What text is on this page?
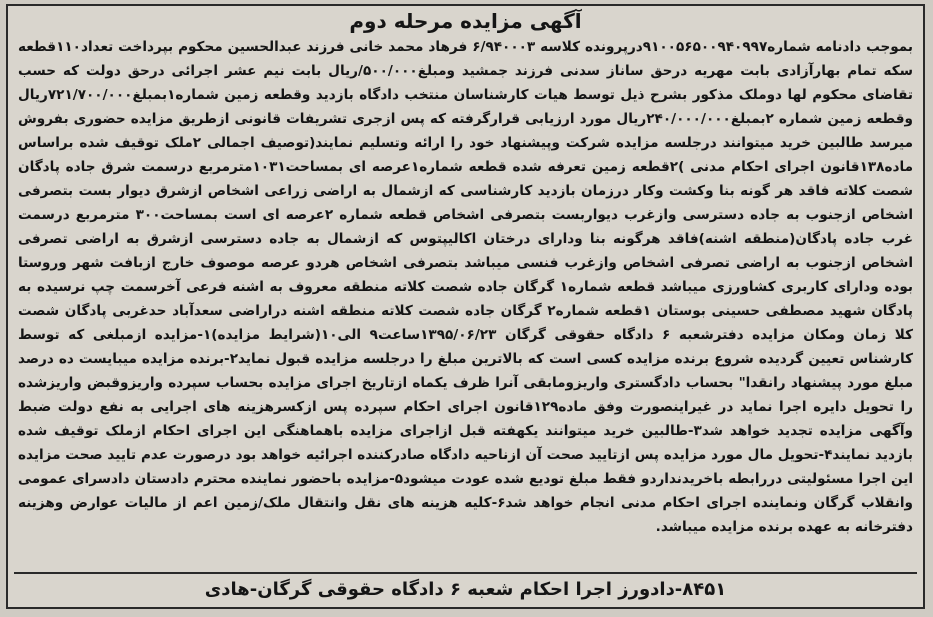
آگهی مزایده مرحله دوم
بموجب دادنامه شماره۹۱۰۰۵۶۵۰۰۹۴۰۹۹۷درپرونده کلاسه ۶/۹۴۰۰۰۳ فرهاد محمد خانی فرزند عبدالحسین محکوم بپرداخت تعداد۱۱۰قطعه سکه تمام بهارآزادی بابت مهریه درحق ساناز سدنی فرزند جمشید ومبلغ۵۰۰/۰۰۰/ریال بابت نیم عشر اجرائی درحق دولت که حسب تقاضای محکوم لها دوملک مذکور بشرح ذیل توسط هیات کارشناسان منتخب دادگاه بازدید وقطعه زمین شماره۱بمبلغ۷۲۱/۷۰۰/۰۰۰ریال وقطعه زمین شماره ۲بمبلغ۲۴۰/۰۰۰/۰۰۰ریال مورد ارزیابی قرارگرفته که پس ازجری تشریفات قانونی ازطریق مزایده حضوری بفروش میرسد طالبین خرید میتوانند درجلسه مزایده شرکت وپیشنهاد خود را ارائه وتسلیم نمایند(توصیف اجمالی ۲ملک توقیف شده براساس ماده۱۳۸قانون اجرای احکام مدنی )۲قطعه زمین تعرفه شده قطعه شماره۱عرصه ای بمساحت۱۰۳۱مترمربع درسمت شرق جاده پادگان شصت کلاته فاقد هر گونه بنا وکشت وکار درزمان بازدید کارشناسی که ازشمال به اراضی زراعی اشخاص ازشرق دیوار بست بتصرفی اشخاص ازجنوب به جاده دسترسی وازغرب دیواربست بتصرفی اشخاص قطعه شماره ۲عرصه ای است بمساحت۳۰۰ مترمربع درسمت غرب جاده پادگان(منطقه اشنه)فاقد هرگونه بنا ودارای درختان اکالیپتوس که ازشمال به جاده دسترسی ازشرق به اراضی تصرفی اشخاص ازجنوب به اراضی تصرفی اشخاص وازغرب فنسی میباشد بتصرفی اشخاص هردو عرصه موصوف خارج ازبافت شهر وروستا بوده ودارای کاربری کشاورزی میباشد قطعه شماره۱ گرگان جاده شصت کلاته منطقه معروف به اشنه فرعی آخرسمت چپ نرسیده به پادگان شهید مصطفی حسینی بوستان ۱قطعه شماره۲ گرگان جاده شصت کلاته منطقه اشنه دراراضی سعدآباد حدغربی پادگان شصت کلا زمان ومکان مزایده دفترشعبه ۶ دادگاه حقوقی گرگان ۱۳۹۵/۰۶/۲۳ساعت۹ الی۱۰(شرایط مزایده)۱-مزایده ازمبلغی که توسط کارشناس تعیین گردیده شروع برنده مزایده کسی است که بالاترین مبلغ را درجلسه مزایده قبول نماید۲-برنده مزایده میبایست ده درصد مبلغ مورد پیشنهاد رانقدا" بحساب دادگستری واریزومابقی آنرا ظرف یکماه ازتاریخ اجرای مزایده بحساب سپرده واریزوقبض واریزشده را تحویل دایره اجرا نماید در غیراینصورت وفق ماده۱۲۹قانون اجرای احکام سپرده پس ازکسرهزینه های اجرایی به نفع دولت ضبط وآگهی مزایده تجدید خواهد شد۳-طالبین خرید میتوانند یکهفته قبل ازاجرای مزایده باهماهنگی این اجرای احکام ازملک توقیف شده بازدید نمایند۴-تحویل مال مورد مزایده پس ازتایید صحت آن ازناحیه دادگاه صادرکننده اجرائیه خواهد بود درصورت عدم تایید صحت مزایده این اجرا مسئولیتی دررابطه باخریدنداردو فقط مبلغ تودیع شده عودت میشود۵-مزایده باحضور نماینده محترم دادستان دادسرای عمومی وانقلاب گرگان ونماینده اجرای احکام مدنی انجام خواهد شد۶-کلیه هزینه های نقل وانتقال ملک/زمین اعم از مالیات عوارض وهزینه دفترخانه به عهده برنده مزایده میباشد.
۸۴۵۱-دادورز اجرا احکام شعبه ۶ دادگاه حقوقی گرگان-هادی
